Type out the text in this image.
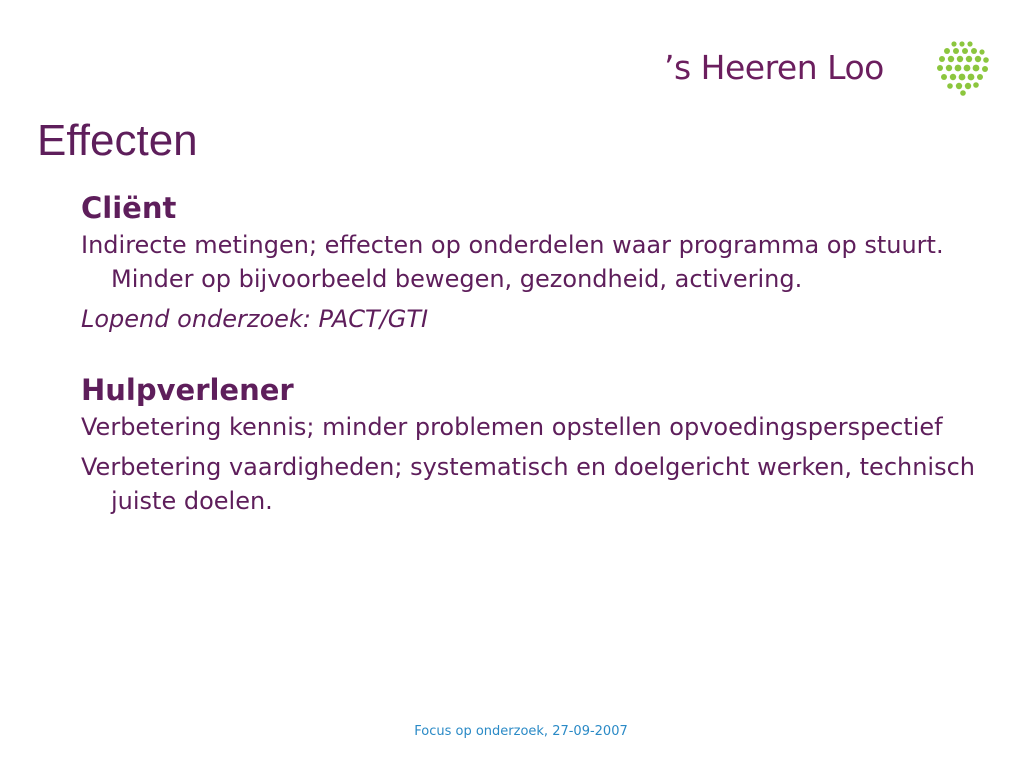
’s Heeren Loo
Effecten
Cliënt

Indirecte metingen; effecten op onderdelen waar programma op stuurt. Minder op bijvoorbeeld bewegen, gezondheid, activering.

Lopend onderzoek: PACT/GTI

Hulpverlener

Verbetering kennis; minder problemen opstellen opvoedingsperspectief

Verbetering vaardigheden; systematisch en doelgericht werken, technisch juiste doelen.

Focus op onderzoek, 27-09-2007
